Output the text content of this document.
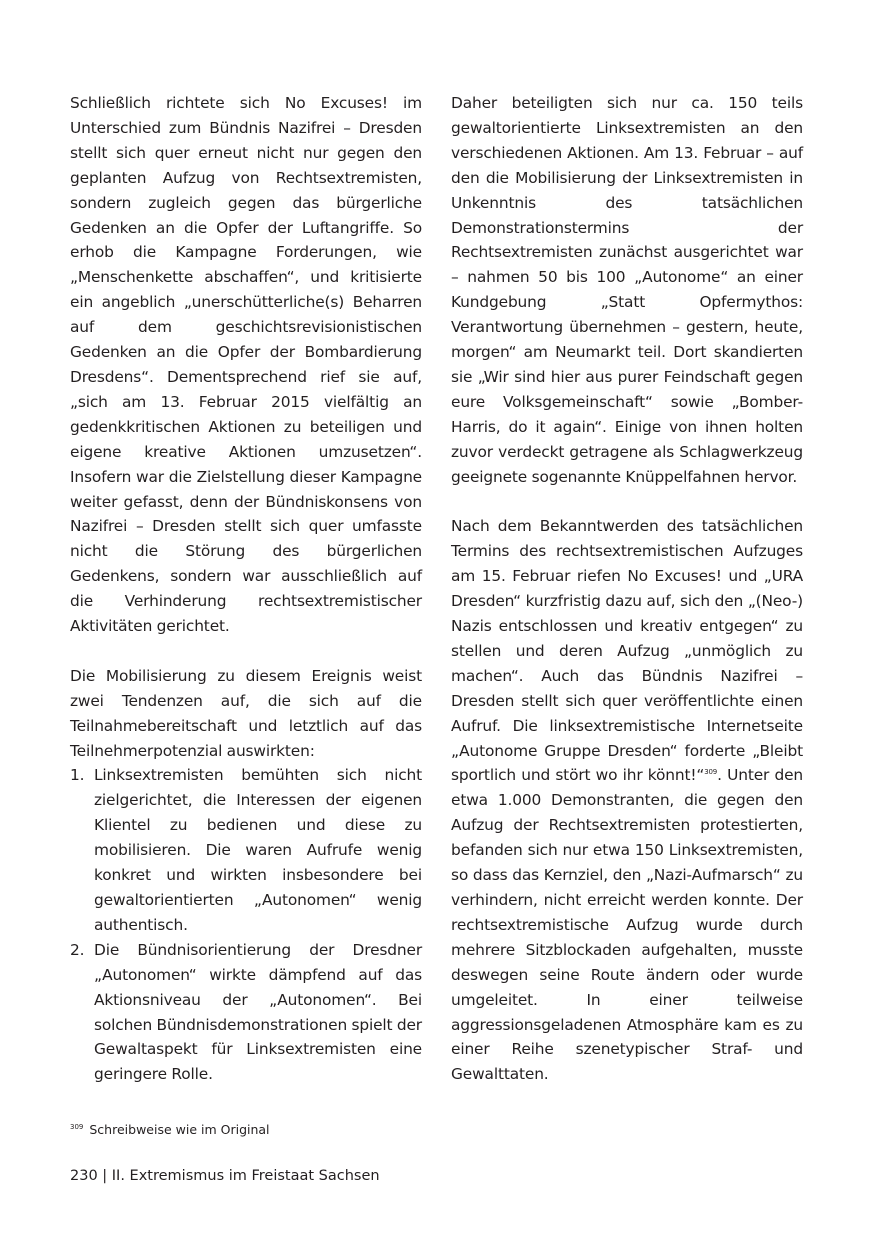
Schließlich richtete sich No Excuses! im Unterschied zum Bündnis Nazifrei – Dresden stellt sich quer erneut nicht nur gegen den geplanten Aufzug von Rechtsextremisten, sondern zugleich gegen das bürgerliche Gedenken an die Opfer der Luftangriffe. So erhob die Kampagne Forderungen, wie „Menschenkette abschaffen“, und kritisierte ein angeblich „unerschütterliche(s) Beharren auf dem geschichtsrevisionistischen Gedenken an die Opfer der Bombardierung Dresdens“. Dementsprechend rief sie auf, „sich am 13. Februar 2015 vielfältig an gedenkkritischen Aktionen zu beteiligen und eigene kreative Aktionen umzusetzen“. Insofern war die Zielstellung dieser Kampagne weiter gefasst, denn der Bündniskonsens von Nazifrei – Dresden stellt sich quer umfasste nicht die Störung des bürgerlichen Gedenkens, sondern war ausschließlich auf die Verhinderung rechtsextremistischer Aktivitäten gerichtet.

Die Mobilisierung zu diesem Ereignis weist zwei Tendenzen auf, die sich auf die Teilnahmebereitschaft und letztlich auf das Teilnehmerpotenzial auswirkten:

1. Linksextremisten bemühten sich nicht zielgerichtet, die Interessen der eigenen Klientel zu bedienen und diese zu mobilisieren. Die waren Aufrufe wenig konkret und wirkten insbesondere bei gewaltorientierten „Autonomen“ wenig authentisch.
2. Die Bündnisorientierung der Dresdner „Autonomen“ wirkte dämpfend auf das Aktionsniveau der „Autonomen“. Bei solchen Bündnisdemonstrationen spielt der Gewaltaspekt für Linksextremisten eine geringere Rolle.

Daher beteiligten sich nur ca. 150 teils gewaltorientierte Linksextremisten an den verschiedenen Aktionen. Am 13. Februar – auf den die Mobilisierung der Linksextremisten in Unkenntnis des tatsächlichen Demonstrationstermins der Rechtsextremisten zunächst ausgerichtet war – nahmen 50 bis 100 „Autonome“ an einer Kundgebung „Statt Opfermythos: Verantwortung übernehmen – gestern, heute, morgen“ am Neumarkt teil. Dort skandierten sie „Wir sind hier aus purer Feindschaft gegen eure Volksgemeinschaft“ sowie „Bomber-Harris, do it again“. Einige von ihnen holten zuvor verdeckt getragene als Schlagwerkzeug geeignete sogenannte Knüppelfahnen hervor.

Nach dem Bekanntwerden des tatsächlichen Termins des rechtsextremistischen Aufzuges am 15. Februar riefen No Excuses! und „URA Dresden“ kurzfristig dazu auf, sich den „(Neo-) Nazis entschlossen und kreativ entgegen“ zu stellen und deren Aufzug „unmöglich zu machen“. Auch das Bündnis Nazifrei – Dresden stellt sich quer veröffentlichte einen Aufruf. Die linksextremistische Internetseite „Autonome Gruppe Dresden“ forderte „Bleibt sportlich und stört wo ihr könnt!“$^{309}$. Unter den etwa 1.000 Demonstranten, die gegen den Aufzug der Rechtsextremisten protestierten, befanden sich nur etwa 150 Linksextremisten, so dass das Kernziel, den „Nazi-Aufmarsch“ zu verhindern, nicht erreicht werden konnte. Der rechtsextremistische Aufzug wurde durch mehrere Sitzblockaden aufgehalten, musste deswegen seine Route ändern oder wurde umgeleitet. In einer teilweise aggressionsgeladenen Atmosphäre kam es zu einer Reihe szenetypischer Straf- und Gewalttaten.

$^{309}$ Schreibweise wie im Original
230 | II. Extremismus im Freistaat Sachsen
